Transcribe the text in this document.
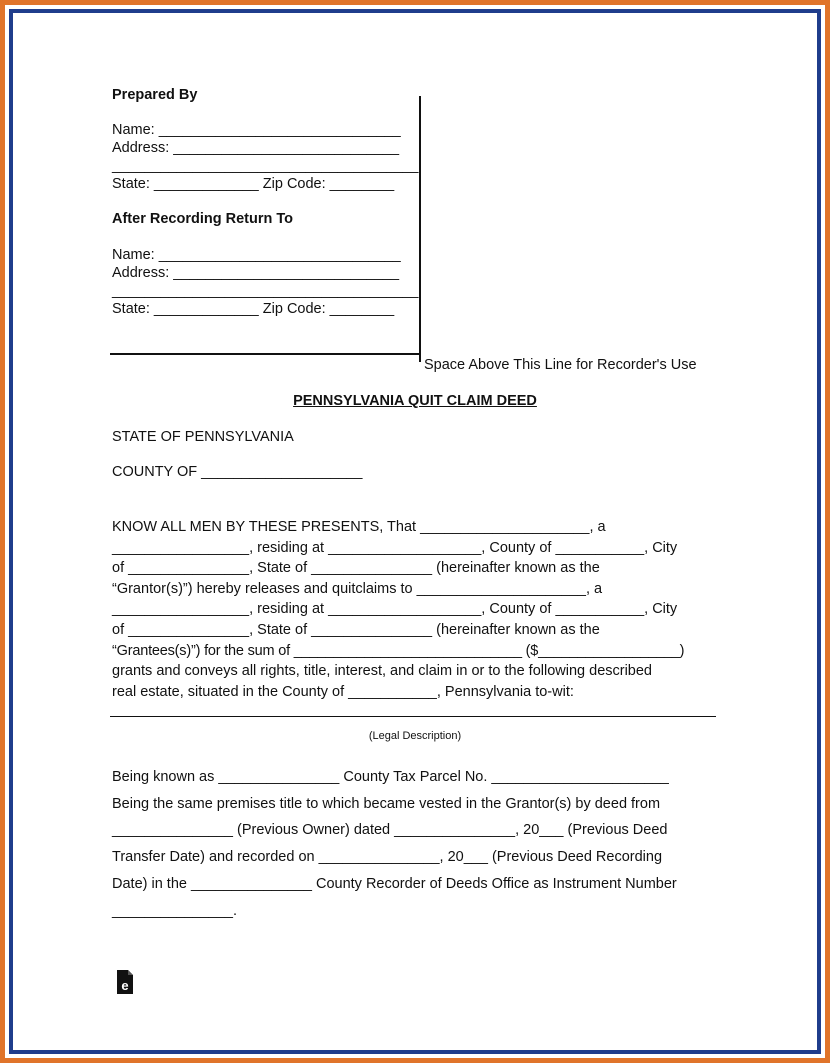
Prepared By
Name: ______________________________
Address: ____________________________
______________________________________
State: _____________ Zip Code: ________
After Recording Return To
Name: ______________________________
Address: ____________________________
______________________________________
State: _____________ Zip Code: ________
Space Above This Line for Recorder's Use
PENNSYLVANIA QUIT CLAIM DEED
STATE OF PENNSYLVANIA
COUNTY OF ____________________
KNOW ALL MEN BY THESE PRESENTS, That _____________________, a
_________________, residing at ___________________, County of ___________, City
of _______________, State of _______________ (hereinafter known as the
“Grantor(s)”) hereby releases and quitclaims to _____________________, a
_________________, residing at ___________________, County of ___________, City
of _______________, State of _______________ (hereinafter known as the
“Grantees(s)”) for the sum of _____________________________ ($__________________)
grants and conveys all rights, title, interest, and claim in or to the following described
real estate, situated in the County of ___________, Pennsylvania to-wit:
(Legal Description)
Being known as _______________ County Tax Parcel No. ______________________
Being the same premises title to which became vested in the Grantor(s) by deed from
_______________ (Previous Owner) dated _______________, 20___ (Previous Deed
Transfer Date) and recorded on _______________, 20___ (Previous Deed Recording
Date) in the _______________ County Recorder of Deeds Office as Instrument Number
_______________.
e
